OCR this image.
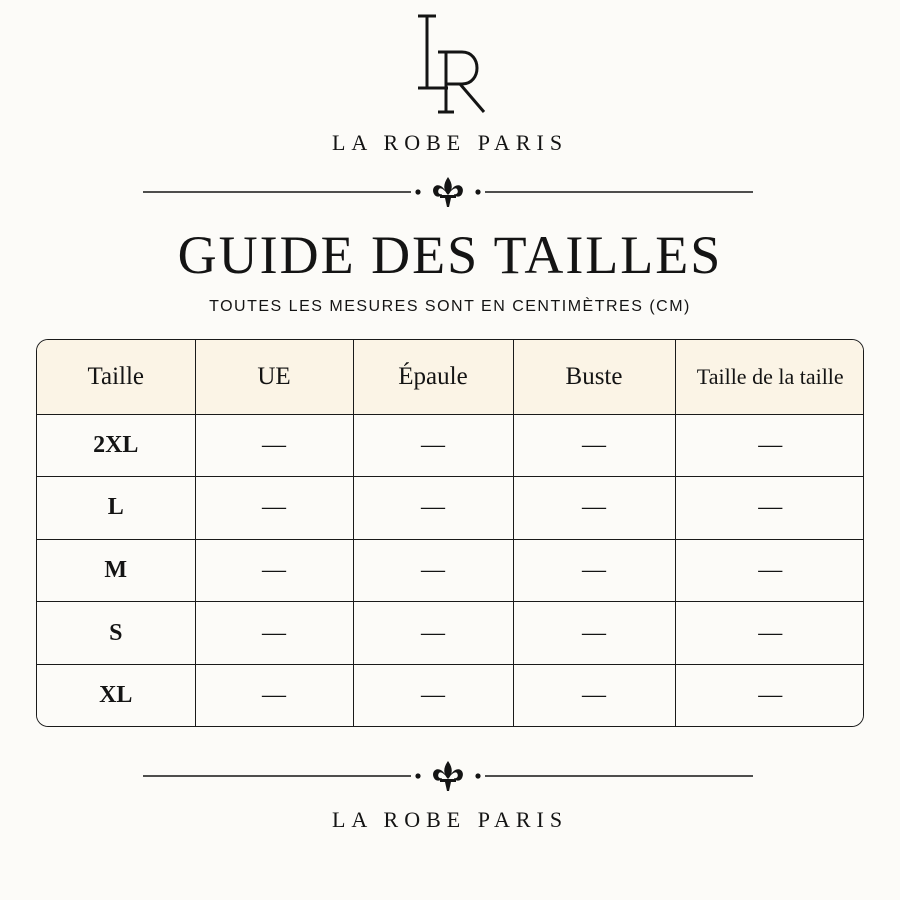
LA ROBE PARIS
GUIDE DES TAILLES
TOUTES LES MESURES SONT EN CENTIMÈTRES (CM)
Taille	UE	Épaule	Buste	Taille de la taille
2XL	—	—	—	—
L	—	—	—	—
M	—	—	—	—
S	—	—	—	—
XL	—	—	—	—
LA ROBE PARIS
